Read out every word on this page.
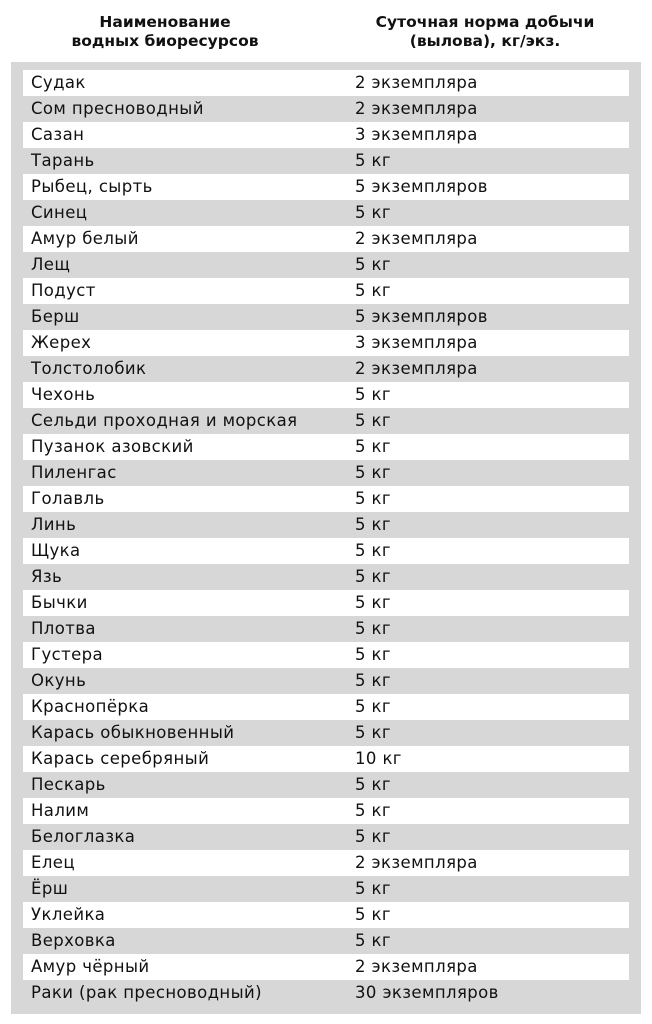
Наименование
водных биоресурсов
Суточная норма добычи
(вылова), кг/экз.
Судак	2 экземпляра
Сом пресноводный	2 экземпляра
Сазан	3 экземпляра
Тарань	5 кг
Рыбец, сырть	5 экземпляров
Синец	5 кг
Амур белый	2 экземпляра
Лещ	5 кг
Подуст	5 кг
Берш	5 экземпляров
Жерех	3 экземпляра
Толстолобик	2 экземпляра
Чехонь	5 кг
Сельди проходная и морская	5 кг
Пузанок азовский	5 кг
Пиленгас	5 кг
Голавль	5 кг
Линь	5 кг
Щука	5 кг
Язь	5 кг
Бычки	5 кг
Плотва	5 кг
Густера	5 кг
Окунь	5 кг
Краснопёрка	5 кг
Карась обыкновенный	5 кг
Карась серебряный	10 кг
Пескарь	5 кг
Налим	5 кг
Белоглазка	5 кг
Елец	2 экземпляра
Ёрш	5 кг
Уклейка	5 кг
Верховка	5 кг
Амур чёрный	2 экземпляра
Раки (рак пресноводный)	30 экземпляров
